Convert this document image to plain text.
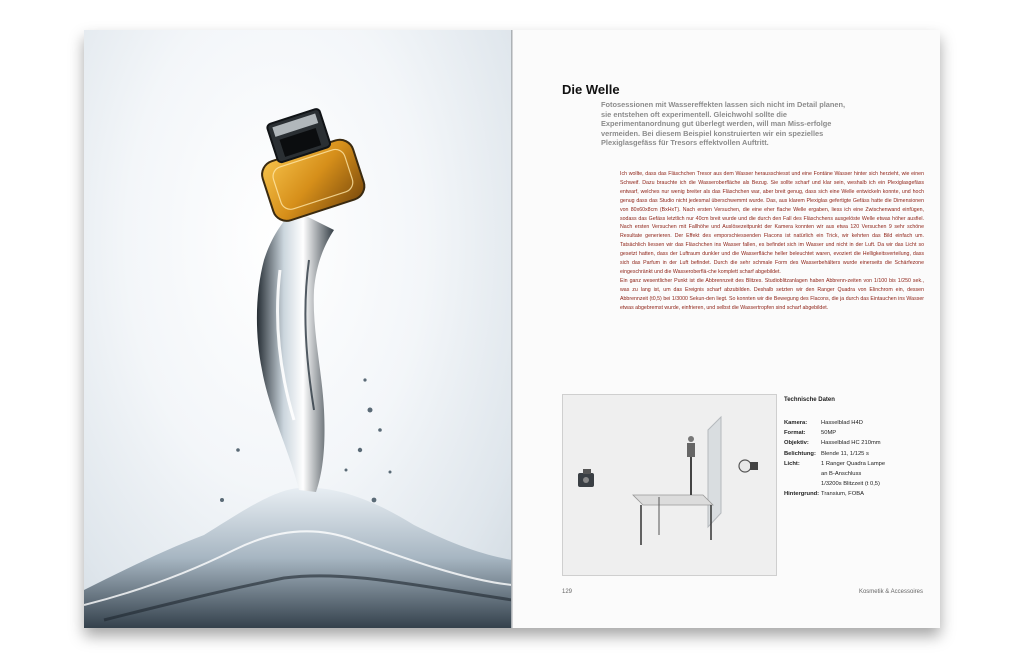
Die Welle
Fotosessionen mit Wassereffekten lassen sich nicht im Detail planen, sie entstehen oft experimentell. Gleichwohl sollte die Experimentanordnung gut überlegt werden, will man Miss-erfolge vermeiden. Bei diesem Beispiel konstruierten wir ein spezielles Plexiglasgefäss für Tresors effektvollen Auftritt.

Ich wollte, dass das Fläschchen Tresor aus dem Wasser herausschiesst und eine Fontäne Wasser hinter sich herzieht, wie einen Schweif. Dazu brauchte ich die Wasseroberfläche als Bezug. Sie sollte scharf und klar sein, weshalb ich ein Plexiglasgefäss entwarf, welches nur wenig breiter als das Fläschchen war, aber breit genug, dass sich eine Welle entwickeln konnte, und hoch genug dass das Studio nicht jedesmal überschwemmt wurde. Das, aus klarem Plexiglas gefertigte Gefäss hatte die Dimensionen von 80x60x8cm (BxHxT). Nach ersten Versuchen, die eine eher flache Welle ergaben, liess ich eine Zwischenwand einfügen, sodass das Gefäss letztlich nur 40cm breit wurde und die durch den Fall des Fläschchens ausgelöste Welle etwas höher ausfiel. Nach ersten Versuchen mit Fallhöhe und Auslösezeitpunkt der Kamera konnten wir aus etwa 120 Versuchen 9 sehr schöne Resultate generieren. Der Effekt des emporschiessenden Flacons ist natürlich ein Trick, wir kehrten das Bild einfach um. Tatsächlich liessen wir das Fläschchen ins Wasser fallen, es befindet sich im Wasser und nicht in der Luft. Da wir das Licht so gesetzt hatten, dass der Luftraum dunkler und die Wasserfläche heller beleuchtet waren, evoziert die Helligkeitsverteilung, dass sich das Parfum in der Luft befindet. Durch die sehr schmale Form des Wasserbehälters wurde einerseits die Schärfezone eingeschränkt und die Wasseroberflä-che komplett scharf abgebildet.

Ein ganz wesentlicher Punkt ist die Abbrennzeit des Blitzes. Studioblitzanlagen haben Abbrenn-zeiten von 1/100 bis 1/250 sek., was zu lang ist, um das Ereignis scharf abzubilden. Deshalb setzten wir den Ranger Quadra von Elinchrom ein, dessen Abbrennzeit (t0,5) bei 1/3000 Sekun-den liegt. So konnten wir die Bewegung des Flacons, die ja durch das Eintauchen ins Wasser etwas abgebremst wurde, einfrieren, und selbst die Wassertropfen sind scharf abgebildet.

Technische Daten
Kamera:	Hasselblad H4D
Format:	50MP
Objektiv:	Hasselblad HC 210mm
Belichtung: Blende 11, 1/125 s
Licht:	1 Ranger Quadra Lampe
an B-Anschluss
1/3200s Blitzzeit (t 0,5)
Hintergrund: Transium, FOBA
129	Kosmetik & Accessoires
